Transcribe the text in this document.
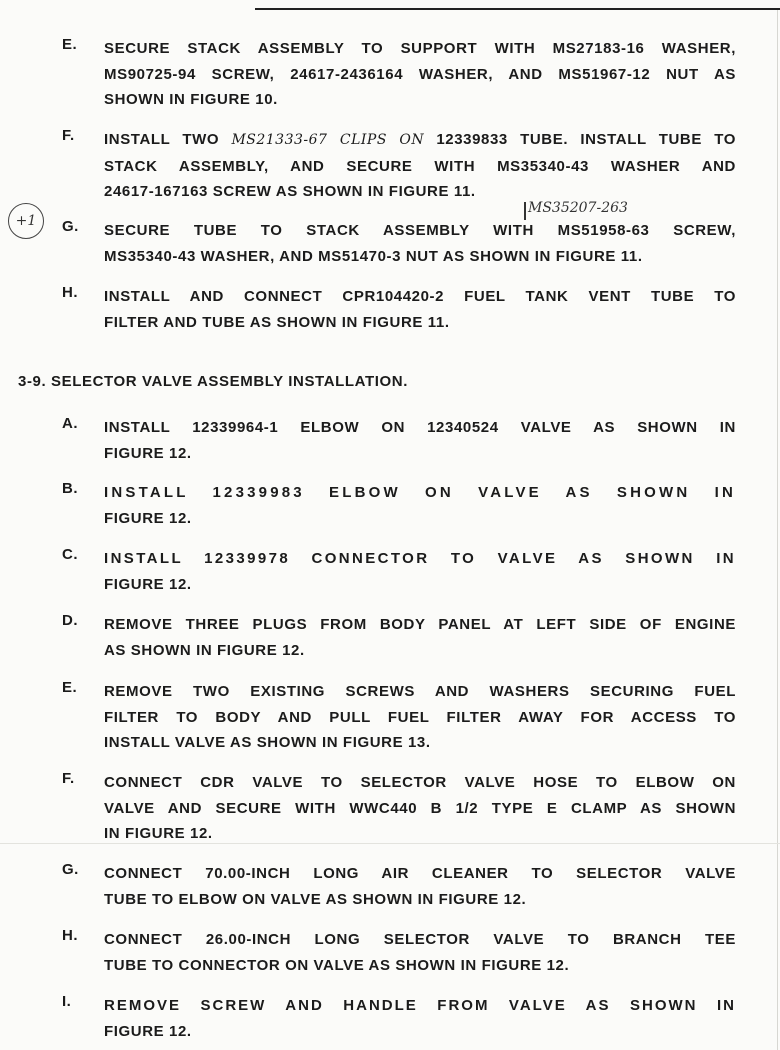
E. SECURE STACK ASSEMBLY TO SUPPORT WITH MS27183-16 WASHER,
MS90725-94 SCREW, 24617-2436164 WASHER, AND MS51967-12 NUT AS
SHOWN IN FIGURE 10.
F. INSTALL TWO MS21333-67 CLIPS ON 12339833 TUBE. INSTALL TUBE TO
STACK ASSEMBLY, AND SECURE WITH MS35340-43 WASHER AND
24617-167163 SCREW AS SHOWN IN FIGURE 11.
MS35207-263
+1	G. SECURE TUBE TO STACK ASSEMBLY WITH MS51958-63 SCREW,
MS35340-43 WASHER, AND MS51470-3 NUT AS SHOWN IN FIGURE 11.
H. INSTALL AND CONNECT CPR104420-2 FUEL TANK VENT TUBE TO
FILTER AND TUBE AS SHOWN IN FIGURE 11.
3-9. SELECTOR VALVE ASSEMBLY INSTALLATION.
A. INSTALL 12339964-1 ELBOW ON 12340524 VALVE AS SHOWN IN
FIGURE 12.
B. INSTALL 12339983 ELBOW ON VALVE AS SHOWN IN
FIGURE 12.
C. INSTALL 12339978 CONNECTOR TO VALVE AS SHOWN IN
FIGURE 12.
D. REMOVE THREE PLUGS FROM BODY PANEL AT LEFT SIDE OF ENGINE
AS SHOWN IN FIGURE 12.
E. REMOVE TWO EXISTING SCREWS AND WASHERS SECURING FUEL
FILTER TO BODY AND PULL FUEL FILTER AWAY FOR ACCESS TO
INSTALL VALVE AS SHOWN IN FIGURE 13.
F. CONNECT CDR VALVE TO SELECTOR VALVE HOSE TO ELBOW ON
VALVE AND SECURE WITH WWC440 B 1/2 TYPE E CLAMP AS SHOWN
IN FIGURE 12.
G. CONNECT 70.00-INCH LONG AIR CLEANER TO SELECTOR VALVE
TUBE TO ELBOW ON VALVE AS SHOWN IN FIGURE 12.
H. CONNECT 26.00-INCH LONG SELECTOR VALVE TO BRANCH TEE
TUBE TO CONNECTOR ON VALVE AS SHOWN IN FIGURE 12.
I. REMOVE SCREW AND HANDLE FROM VALVE AS SHOWN IN
FIGURE 12.
